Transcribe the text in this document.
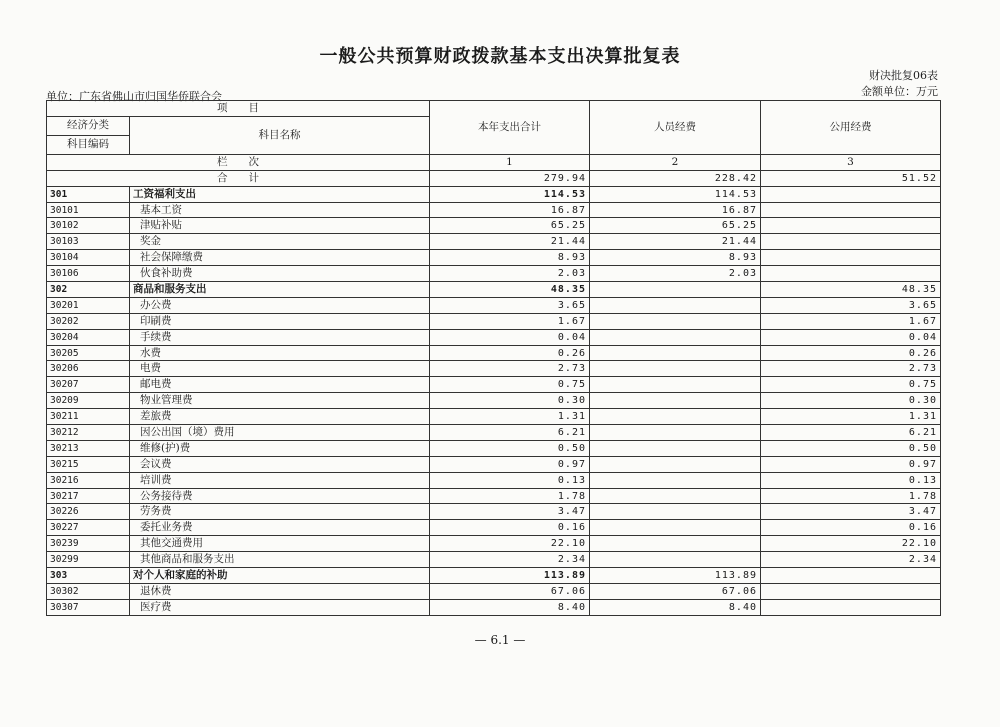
一般公共预算财政拨款基本支出决算批复表
财决批复06表
金额单位：万元
单位：广东省佛山市归国华侨联合会
项　　目		本年支出合计	人员经费	公用经费
经济分类	科目名称			
科目编码				
栏　　次		1	2	3
合　　计		279.94	228.42	51.52
301	工资福利支出	114.53	114.53	
30101	基本工资	16.87	16.87	
30102	津贴补贴	65.25	65.25	
30103	奖金	21.44	21.44	
30104	社会保障缴费	8.93	8.93	
30106	伙食补助费	2.03	2.03	
302	商品和服务支出	48.35		48.35
30201	办公费	3.65		3.65
30202	印刷费	1.67		1.67
30204	手续费	0.04		0.04
30205	水费	0.26		0.26
30206	电费	2.73		2.73
30207	邮电费	0.75		0.75
30209	物业管理费	0.30		0.30
30211	差旅费	1.31		1.31
30212	因公出国（境）费用	6.21		6.21
30213	维修(护)费	0.50		0.50
30215	会议费	0.97		0.97
30216	培训费	0.13		0.13
30217	公务接待费	1.78		1.78
30226	劳务费	3.47		3.47
30227	委托业务费	0.16		0.16
30239	其他交通费用	22.10		22.10
30299	其他商品和服务支出	2.34		2.34
303	对个人和家庭的补助	113.89	113.89	
30302	退休费	67.06	67.06	
30307	医疗费	8.40	8.40	
— 6.1 —
